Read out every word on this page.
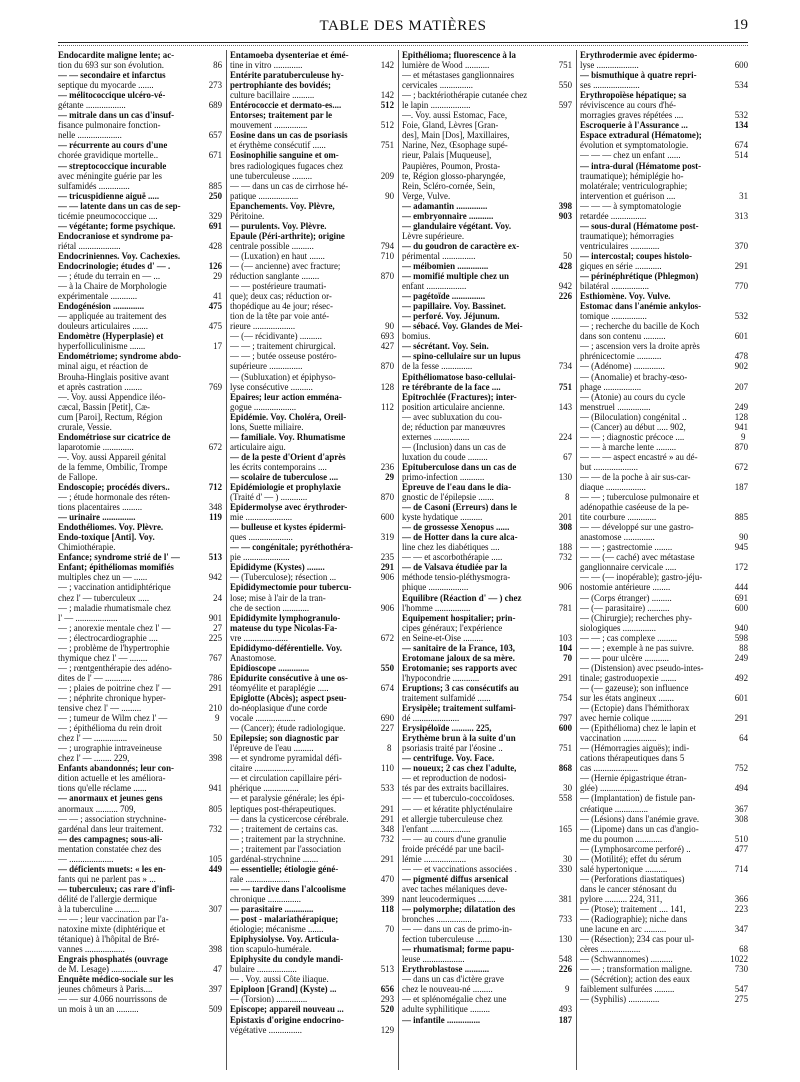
TABLE DES MATIÈRES	19
Endocardite maligne lente; ac-
86
tion du 693 sur son évolution.
— — secondaire et infarctus
273
septique du myocarde .......
— mélitococcique ulcéro-vé-
689
gétante ..................
— mitrale dans un cas d'insuf-
fisance pulmonaire fonction-
657
nelle ....................
— récurrente au cours d'une
671
chorée gravidique mortelle..
— streptococcique incurable
avec méningite guérie par les
885
sulfamidés ..............
250
— tricuspidienne aiguë .....
— — latente dans un cas de sep-
329
ticémie pneumococcique ....
691
— végétante; forme psychique.
Endocraniose et syndrome pa-
428
riétal ...................
Endocriniennes. Voy. Cachexies.
126
Endocrinologie; études d' — .
29
— ; étude du terrain en — ...
— à la Chaire de Morphologie
41
expérimentale ............
475
Endogénésion ..............
— appliquée au traitement des
475
douleurs articulaires .......
Endomètre (Hyperplasie) et
17
hyperfolliculinisme .......
Endométriome; syndrome abdo-
minal aigu, et réaction de
Brouha-Hinglais positive avant
769
et après castration ........
—. Voy. aussi Appendice iléo-
cæcal, Bassin [Petit], Cæ-
cum [Paroi], Rectum, Région
crurale, Vessie.
Endométriose sur cicatrice de
672
laparotomie ..............
—. Voy. aussi Appareil génital
de la femme, Ombilic, Trompe
de Fallope.
712
Endoscopie; procédés divers..
— ; étude hormonale des réten-
348
tions placentaires .........
119
— urinaire ...............
Endothéliomes. Voy. Plèvre.
Endo-toxique [Anti]. Voy.
Chimiothérapie.
513
Enfance; syndrome strié de l' —
Enfant; épithéliomas momifiés
942
multiples chez un — ......
— ; vaccination antidiphtérique
24
chez l' — tuberculeux .....
— ; maladie rhumatismale chez
901
l' — ...................
27
— ; anorexie mentale chez l' —
225
— ; électrocardiographie ....
— ; problème de l'hypertrophie
767
thymique chez l' — ........
— ; rœntgenthérapie des adéno-
786
dites de l' — ............
291
— ; plaies de poitrine chez l' —
— ; néphrite chronique hyper-
210
tensive chez l' — .........
9
— ; tumeur de Wilm chez l' —
— ; épithélioma du rein droit
50
chez l' — ...............
— ; urographie intraveineuse
398
chez l' — ........ 229,
Enfants abandonnés; leur con-
dition actuelle et les améliora-
941
tions qu'elle réclame ......
— anormaux et jeunes gens
805
anormaux .......... 709,
— — ; association strychnine-
732
gardénal dans leur traitement.
— des campagnes; sous-ali-
mentation constatée chez des
105
— ....................
449
— déficients muets: « les en-
fants qui ne parlent pas » ...
— tuberculeux; cas rare d'infi-
délité de l'allergie dermique
307
à la tuberculine ...........
— — ; leur vaccination par l'a-
natoxine mixte (diphtérique et
tétanique) à l'hôpital de Bré-
398
vannes ..................
Engrais phosphatés (ouvrage
47
de M. Lesage) ............
Enquête médico-sociale sur les
397
jeunes chômeurs à Paris....
— — sur 4.066 nourrissons de
509
un mois à un an ..........
Entamoeba dysenteriae et émé-
142
tine in vitro .............
Entérite paratuberculeuse hy-
pertrophiante des bovidés;
142
culture bacillaire ..........
512
Entérococcie et dermato-es....
Entorses; traitement par le
512
mouvement ...............
Eosine dans un cas de psoriasis
751
et érythème consécutif ......
Eosinophilie sanguine et om-
bres radiologiques fugaces chez
209
une tuberculeuse .........
— — dans un cas de cirrhose hé-
90
patique ..................
Epanchements. Voy. Plèvre,
Péritoine.
— purulents. Voy. Plèvre.
Epaule (Péri-arthrite); origine
794
centrale possible ..........
710
— (Luxation) en haut .......
— (— ancienne) avec fracture;
870
réduction sanglante ........
— — postérieure traumati-
que); deux cas; réduction or-
thopédique au 4e jour; résec-
tion de la tête par voie anté-
90
rieure ...................
693
— (— récidivante) ..........
427
— — ; traitement chirurgical.
— — ; butée osseuse postéro-
870
supérieure ...............
— (Subluxation) et épiphyso-
128
lyse consécutive ..........
Epaires; leur action emména-
112
gogue ...................
Epidémie. Voy. Choléra, Oreil-
lons, Suette miliaire.
— familiale. Voy. Rhumatisme
articulaire aigu.
— de la peste d'Orient d'après
236
les écrits contemporains ....
29
— scolaire de tuberculose ....
Epidémiologie et prophylaxie
870
(Traité d' — ) ............
Epidermolyse avec érythroder-
600
mie .....................
— bulleuse et kystes épidermi-
319
ques ....................
— — congénitale; pyréthothéra-
235
pie .....................
291
Epididyme (Kystes) ........
906
— (Tuberculose); résection ...
Epididymectomie pour tubercu-
lose; mise à l'air de la tran-
906
che de section ............
Epididymite lymphogranulo-
mateuse du type Nicolas-Fa-
672
vre ....................
Epididymo-déférentielle. Voy.
Anastomose.
550
Epidioscope ..............
Epidurite consécutive à une os-
674
téomyélite et paraplégie .....
Epiglotte (Abcès); aspect pseu-
do-néoplasique d'une corde
690
vocale ..................
227
— (Cancer); étude radiologique.
Epilepsie; son diagnostic par
8
l'épreuve de l'eau .........
— et syndrome pyramidal défi-
110
citaire ..................
— et circulation capillaire péri-
533
phérique ................
— et paralysie générale; les épi-
291
leptiques post-thérapeutiques.
291
— dans la cysticercose cérébrale.
348
— ; traitement de certains cas.
732
— ; traitement par la strychnine.
— ; traitement par l'association
291
gardénal-strychnine .......
— essentielle; étiologie géné-
470
rale ....................
— — tardive dans l'alcoolisme
399
chronique ...............
118
— parasitaire .............
— post - malariathérapique;
70
étiologie; mécanisme .......
Epiphysiolyse. Voy. Articula-
tion scapulo-humérale.
Epiphysite du condyle mandi-
513
bulaire ..................
— . Voy. aussi Côte iliaque.
656
Epiploon [Grand] (Kyste) ...
293
— (Torsion) ..............
520
Episcope; appareil nouveau ...
Epistaxis d'origine endocrino-
129
végétative ...............
Epithélioma; fluorescence à la
751
lumière de Wood ...........
— et métastases ganglionnaires
550
cervicales ...............
— ; backtériothérapie cutanée chez
597
le lapin ..................
—. Voy. aussi Estomac, Face,
Foie, Gland, Lèvres [Gran-
des], Main [Dos], Maxillaires,
Narine, Nez, Œsophage supé-
rieur, Palais [Muqueuse],
Paupières, Poumon, Prosta-
te, Région glosso-pharyngée,
Rein, Scléro-cornée, Sein,
Verge, Vulve.
398
— adamantin ..............
903
— embryonnaire ...........
— glandulaire végétant. Voy.
Lèvre supérieure.
— du goudron de caractère ex-
50
périmental ...............
428
— méibomien ..............
— momifié multiple chez un
942
enfant ..................
226
— pagétoïde ...............
— papillaire. Voy. Bassinet.
— perforé. Voy. Jéjunum.
— sébacé. Voy. Glandes de Mei-
bomius.
— sécrétant. Voy. Sein.
— spino-cellulaire sur un lupus
734
de la fesse ..............
Epithéliomatose baso-cellulai-
751
re térébrante de la face ....
Epitrochlée (Fractures); inter-
143
position articulaire ancienne.
— avec subluxation du cou-
de; réduction par manœuvres
224
externes ................
— (Inclusion) dans un cas de
67
luxation du coude .........
Epituberculose dans un cas de
130
primo-infection ...........
Epreuve de l'eau dans le dia-
8
gnostic de l'épilepsie .......
— de Casoni (Erreurs) dans le
201
kyste hydatique ..........
308
— de grossesse Xenopus ......
— de Hotter dans la cure alca-
188
line chez les diabétiques ....
732
— — et ascorbothérapie .....
— de Valsava étudiée par la
méthode tensio-pléthysmogra-
906
phique ..................
Equilibre (Réaction d' — ) chez
781
l'homme ................
Equipement hospitalier; prin-
cipes généraux; l'expérience
103
en Seine-et-Oise .........
104
— sanitaire de la France, 103,
70
Erotomane jaloux de sa mère.
Erotomanie; ses rapports avec
291
l'hypocondrie ............
Eruptions; 3 cas consécutifs au
754
traitement sulfamidé ......
Erysipèle; traitement sulfami-
797
dé .....................
600
Erysipéloïde .......... 225,
Erythème brun à la suite d'un
751
psoriasis traité par l'éosine ..
— centrifuge. Voy. Face.
868
— noueux; 2 cas chez l'adulte,
— et reproduction de nodosi-
30
tés par des extraits bacillaires.
558
— — et tuberculo-coccoïdoses.
— — et kératite phlycténulaire
et allergie tuberculeuse chez
165
l'enfant ..................
— — au cours d'une granulie
froide précédé par une bacil-
30
lémie ...................
330
— — et vaccinations associées .
— pigmenté diffus arsenical
avec taches mélaniques deve-
381
nant leucodermiques ........
— polymorphe; dilatation des
733
bronches ................
— — dans un cas de primo-in-
130
fection tuberculeuse .......
— rhumatismal; forme papu-
548
leuse ...................
226
Erythroblastose ...........
— dans un cas d'ictère grave
9
chez le nouveau-né .........
— et splénomégalie chez une
493
adulte syphilitique .........
187
— infantile ...............
Erythrodermie avec épidermo-
600
lyse ...................
— bismuthique à quatre repri-
534
ses .....................
Erythropoïèse hépatique; sa
réviviscence au cours d'hé-
532
morragies graves répétées ....
134
Escroquerie à l'Assurance ...
Espace extradural (Hématome);
674
évolution et symptomatologie.
514
— — — chez un enfant ......
— intra-dural (Hématome post-
traumatique); hémiplégie ho-
molatérale; ventriculographie;
31
intervention et guérison ....
— — — à symptomatologie
313
retardée ................
— sous-dural (Hématome post-
traumatique); hémorragies
370
ventriculaires .............
— intercostal; coupes histolo-
291
giques en série ............
— périnéphrétique (Phlegmon)
770
bilatéral .................
Esthiomène. Voy. Vulve.
Estomac dans l'anémie ankylos-
532
tomique ................
— ; recherche du bacille de Koch
601
dans son contenu ..........
— ; ascension vers la droite après
478
phrénicectomie ...........
902
— (Adénome) ..............
— (Anomalie) et brachy-œso-
207
phage .................
— (Atonie) au cours du cycle
249
menstruel ...............
128
— (Biloculation) congénital ..
941
— (Cancer) au début ..... 902,
9
— — ; diagnostic précoce ....
870
— — à marche lente .........
— — — aspect encastré » au dé-
672
but ....................
— — de la poche à air sus-car-
187
diaque ..................
— — ; tuberculose pulmonaire et
adénopathie caséeuse de la pe-
885
tite courbure .............
— — développé sur une gastro-
90
anastomose ..............
945
— — ; gastrectomie ........
— — (— caché) avec métastase
172
ganglionnaire cervicale .....
— — (— inopérable); gastro-jéju-
444
nostomie antérieure ........
691
— (Corps étranger) .........
600
— (— parasitaire) ..........
— (Chirurgie); recherches phy-
940
siologiques ...............
598
— — ; cas complexe .........
88
— — ; exemple à ne pas suivre.
249
— — pour ulcère ...........
— (Distension) avec pseudo-intes-
492
tinale; gastroduopexie .......
— (— gazeuse); son influence
601
sur les états angineux .......
— (Ectopie) dans l'hémithorax
291
avec hernie colique .........
— (Epithélioma) chez le lapin et
64
vaccination ...............
— (Hémorragies aiguës); indi-
cations thérapeutiques dans 5
752
cas ....................
— (Hernie épigastrique étran-
494
glée) ..................
— (Implantation) de fistule pan-
367
créatique ...............
308
— (Lésions) dans l'anémie grave.
— (Lipome) dans un cas d'angio-
510
me du poumon ............
477
— (Lymphosarcome perforé) ..
— (Motilité); effet du sérum
714
salé hypertonique ..........
— (Perforations diastatiques)
dans le cancer sténosant du
366
pylore .......... 224, 311,
223
— (Ptose); traitement .... 141,
— (Radiographie); niche dans
347
une lacune en arc ..........
— (Résection); 234 cas pour ul-
68
cères ..................
1022
— (Schwannomes) ..........
730
— — ; transformation maligne.
— (Sécrétion); action des eaux
547
faiblement sulfurées .........
275
— (Syphilis) ..............
